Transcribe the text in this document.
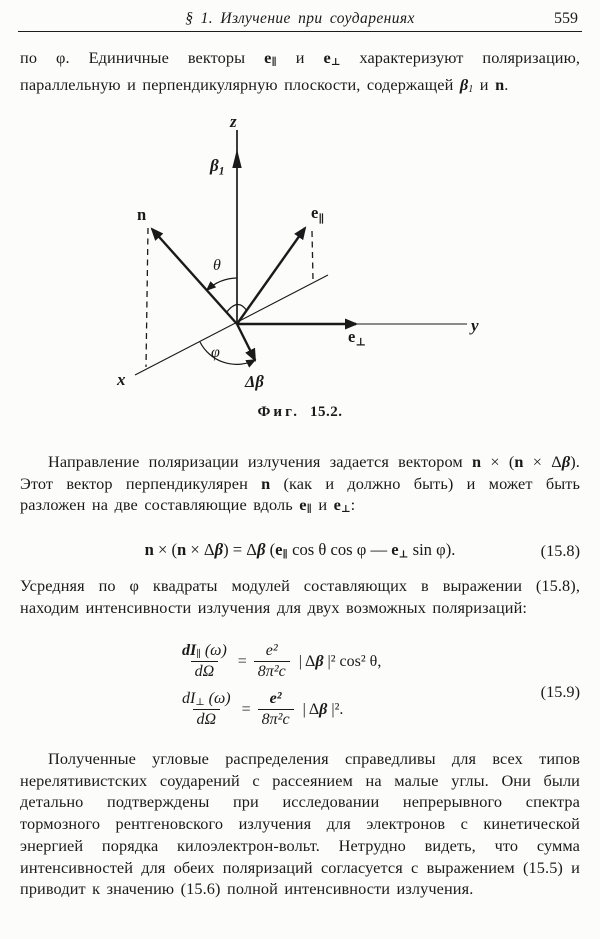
§ 1. Излучение при соударениях	559

по φ. Единичные векторы e∥ и e⊥ характеризуют поляризацию, параллельную и перпендикулярную плоскости, содержащей β1 и n.

z
$\beta_1$
n	$e_\parallel$
$e_\perp$
y
x	Δβ
θ
φ
Фиг. 15.2.

Направление поляризации излучения задается вектором n × (n × Δβ). Этот вектор перпендикулярен n (как и должно быть) и может быть разложен на две составляющие вдоль e∥ и e⊥:

n × (n × Δβ) = Δβ (e∥ cos θ cos φ — e⊥ sin φ).	(15.8)

Усредняя по φ квадраты модулей составляющих в выражении (15.8), находим интенсивности излучения для двух возможных поляризаций:

$\frac{dI\parallel (\omega)}{d\Omega} = \frac{\text{e²}}{\text{8π²c}}$ | Δβ |² cos² θ,
$\frac{dI\perp (\omega)}{d\Omega} = \frac{\text{e²}}{\text{8π²c}}$ | Δβ |².
(15.9)

Полученные угловые распределения справедливы для всех типов нерелятивистских соударений с рассеянием на малые углы. Они были детально подтверждены при исследовании непрерывного спектра тормозного рентгеновского излучения для электронов с кинетической энергией порядка килоэлектрон-вольт. Нетрудно видеть, что сумма интенсивностей для обеих поляризаций согласуется с выражением (15.5) и приводит к значению (15.6) полной интенсивности излучения.
